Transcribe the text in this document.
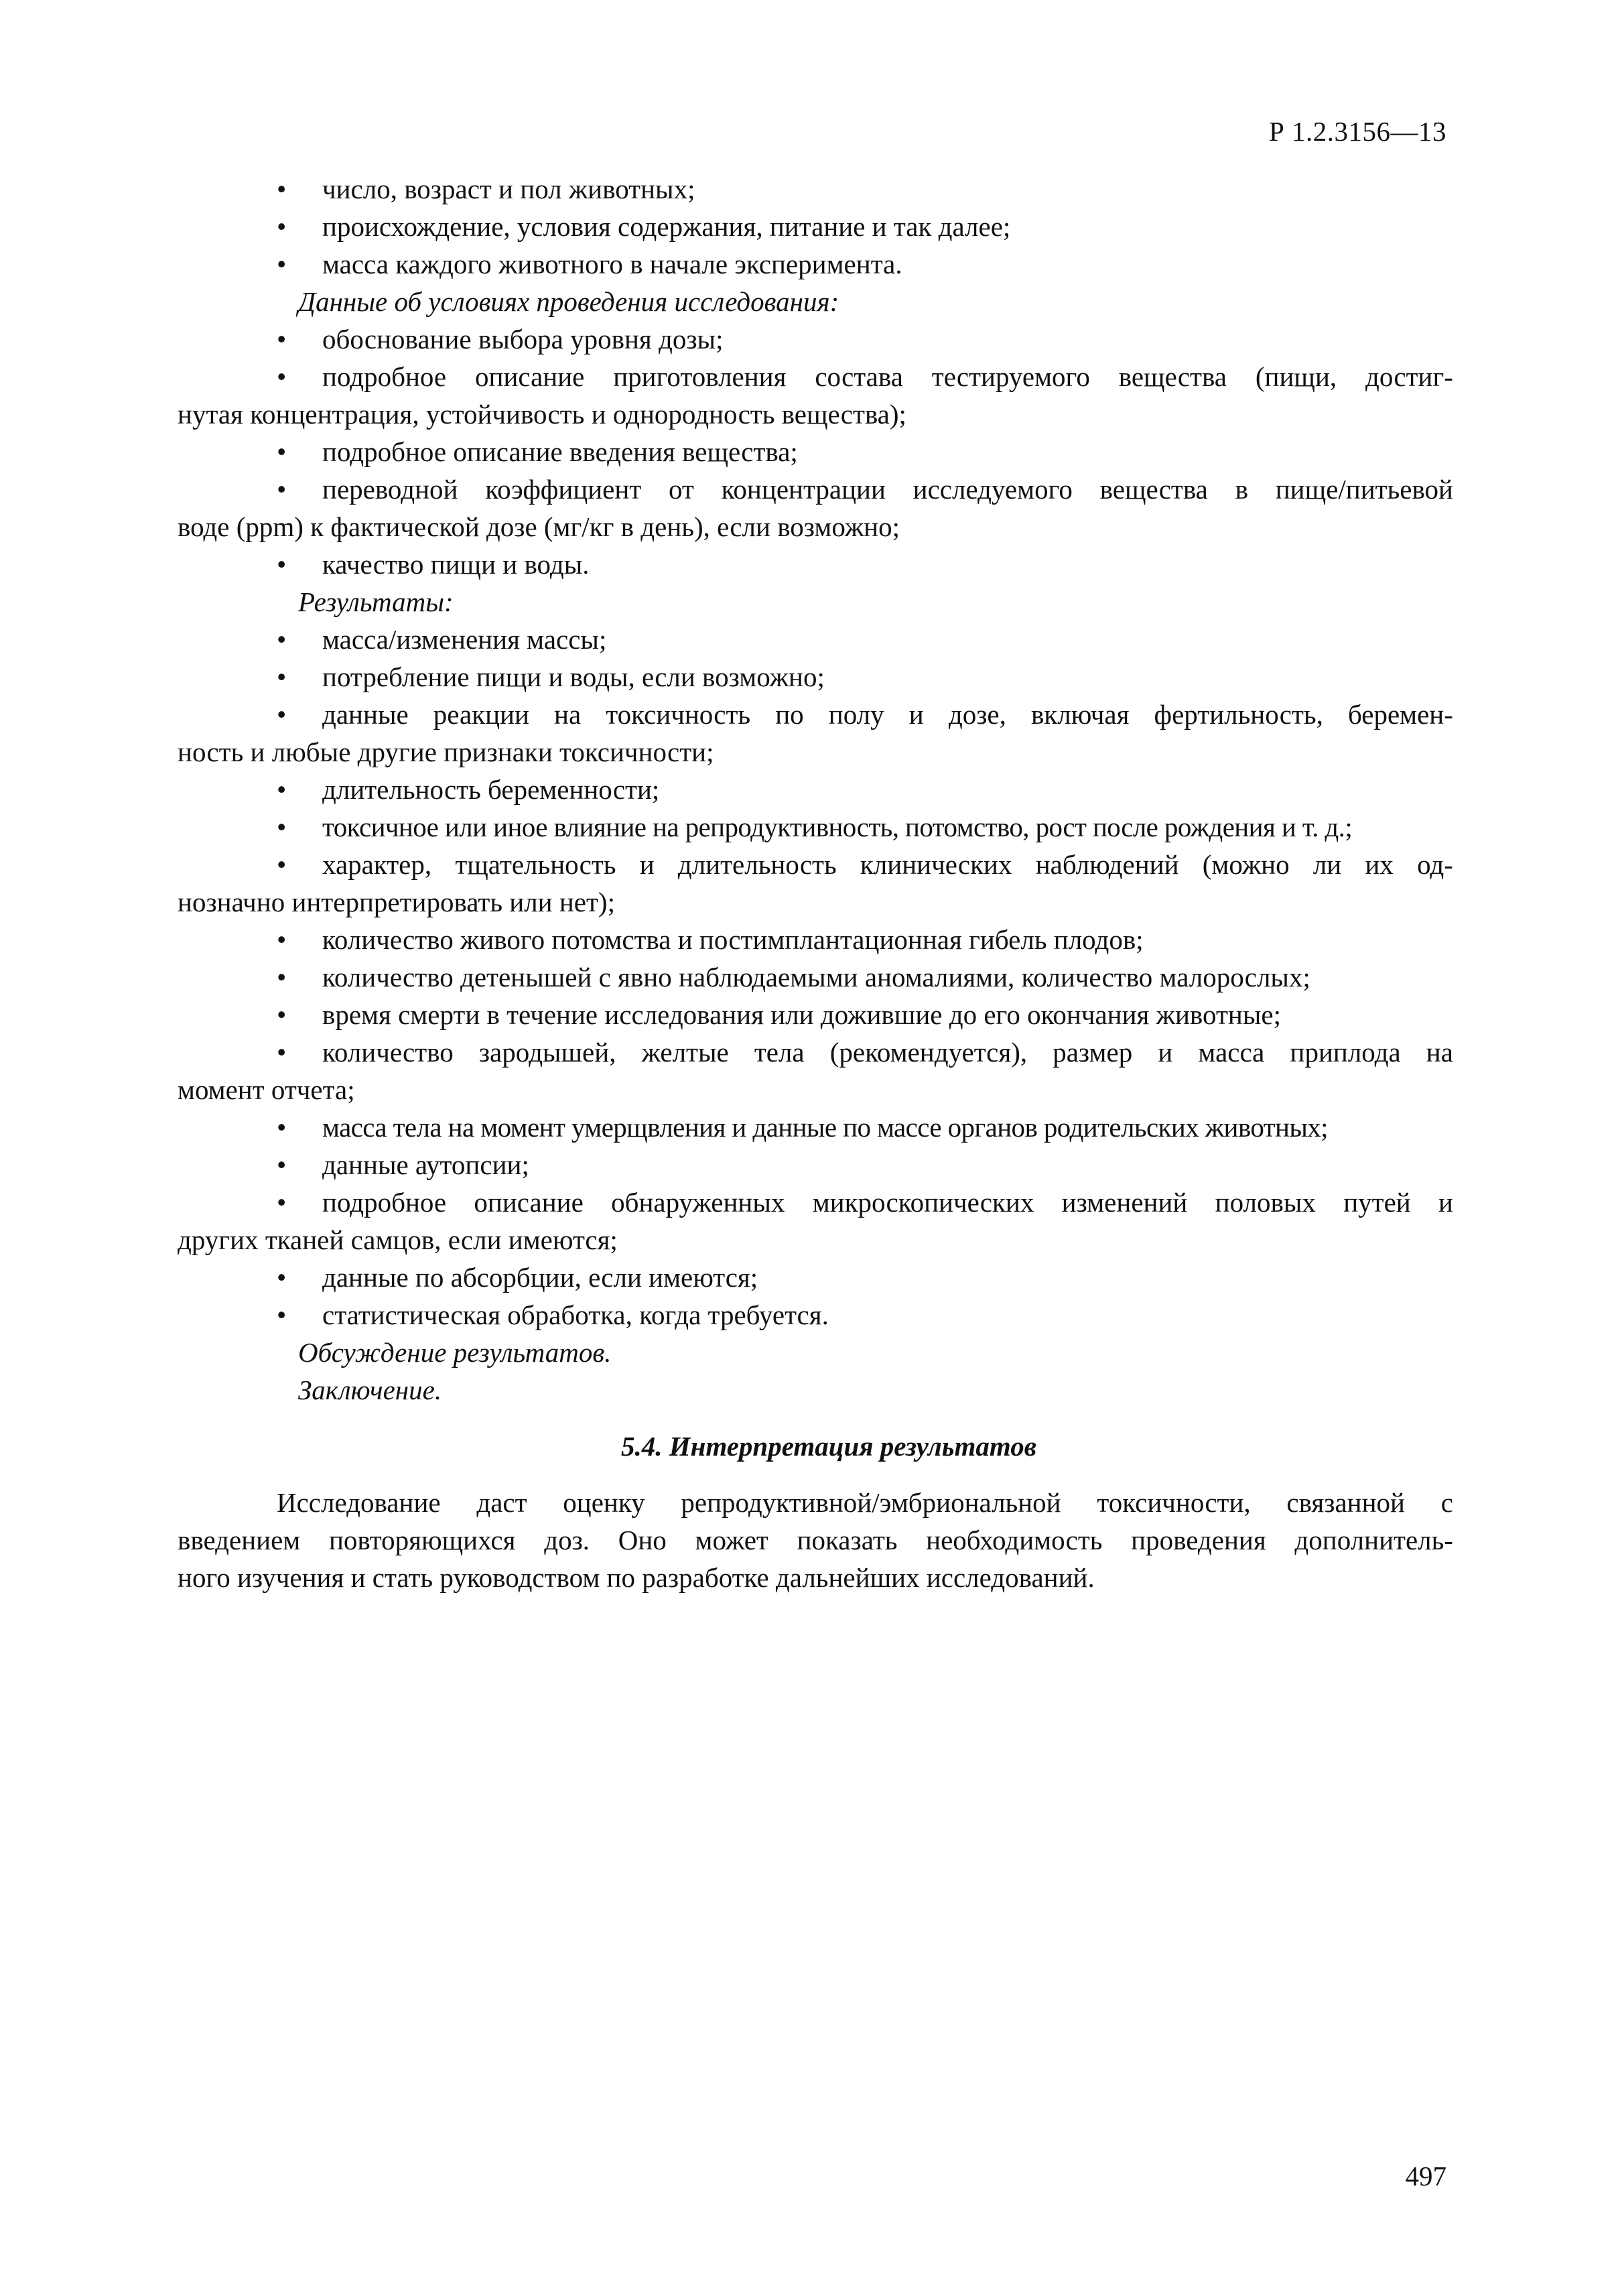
Р 1.2.3156—13
•	число, возраст и пол животных;
•	происхождение, условия содержания, питание и так далее;
•	масса каждого животного в начале эксперимента.
Данные об условиях проведения исследования:
•	обоснование выбора уровня дозы;
•	подробное описание приготовления состава тестируемого вещества (пищи, достиг-
нутая концентрация, устойчивость и однородность вещества);
•	подробное описание введения вещества;
•	переводной коэффициент от концентрации исследуемого вещества в пище/питьевой
воде (ppm) к фактической дозе (мг/кг в день), если возможно;
•	качество пищи и воды.
Результаты:
•	масса/изменения массы;
•	потребление пищи и воды, если возможно;
•	данные реакции на токсичность по полу и дозе, включая фертильность, беремен-
ность и любые другие признаки токсичности;
•	длительность беременности;
•	токсичное или иное влияние на репродуктивность, потомство, рост после рождения и т. д.;
•	характер, тщательность и длительность клинических наблюдений (можно ли их од-
нозначно интерпретировать или нет);
•	количество живого потомства и постимплантационная гибель плодов;
•	количество детенышей с явно наблюдаемыми аномалиями, количество малорослых;
•	время смерти в течение исследования или дожившие до его окончания животные;
•	количество зародышей, желтые тела (рекомендуется), размер и масса приплода на
момент отчета;
•	масса тела на момент умерщвления и данные по массе органов родительских животных;
•	данные аутопсии;
•	подробное описание обнаруженных микроскопических изменений половых путей и
других тканей самцов, если имеются;
•	данные по абсорбции, если имеются;
•	статистическая обработка, когда требуется.
Обсуждение результатов.
Заключение.
5.4. Интерпретация результатов
Исследование даст оценку репродуктивной/эмбриональной токсичности, связанной с
введением повторяющихся доз. Оно может показать необходимость проведения дополнитель-
ного изучения и стать руководством по разработке дальнейших исследований.
497
